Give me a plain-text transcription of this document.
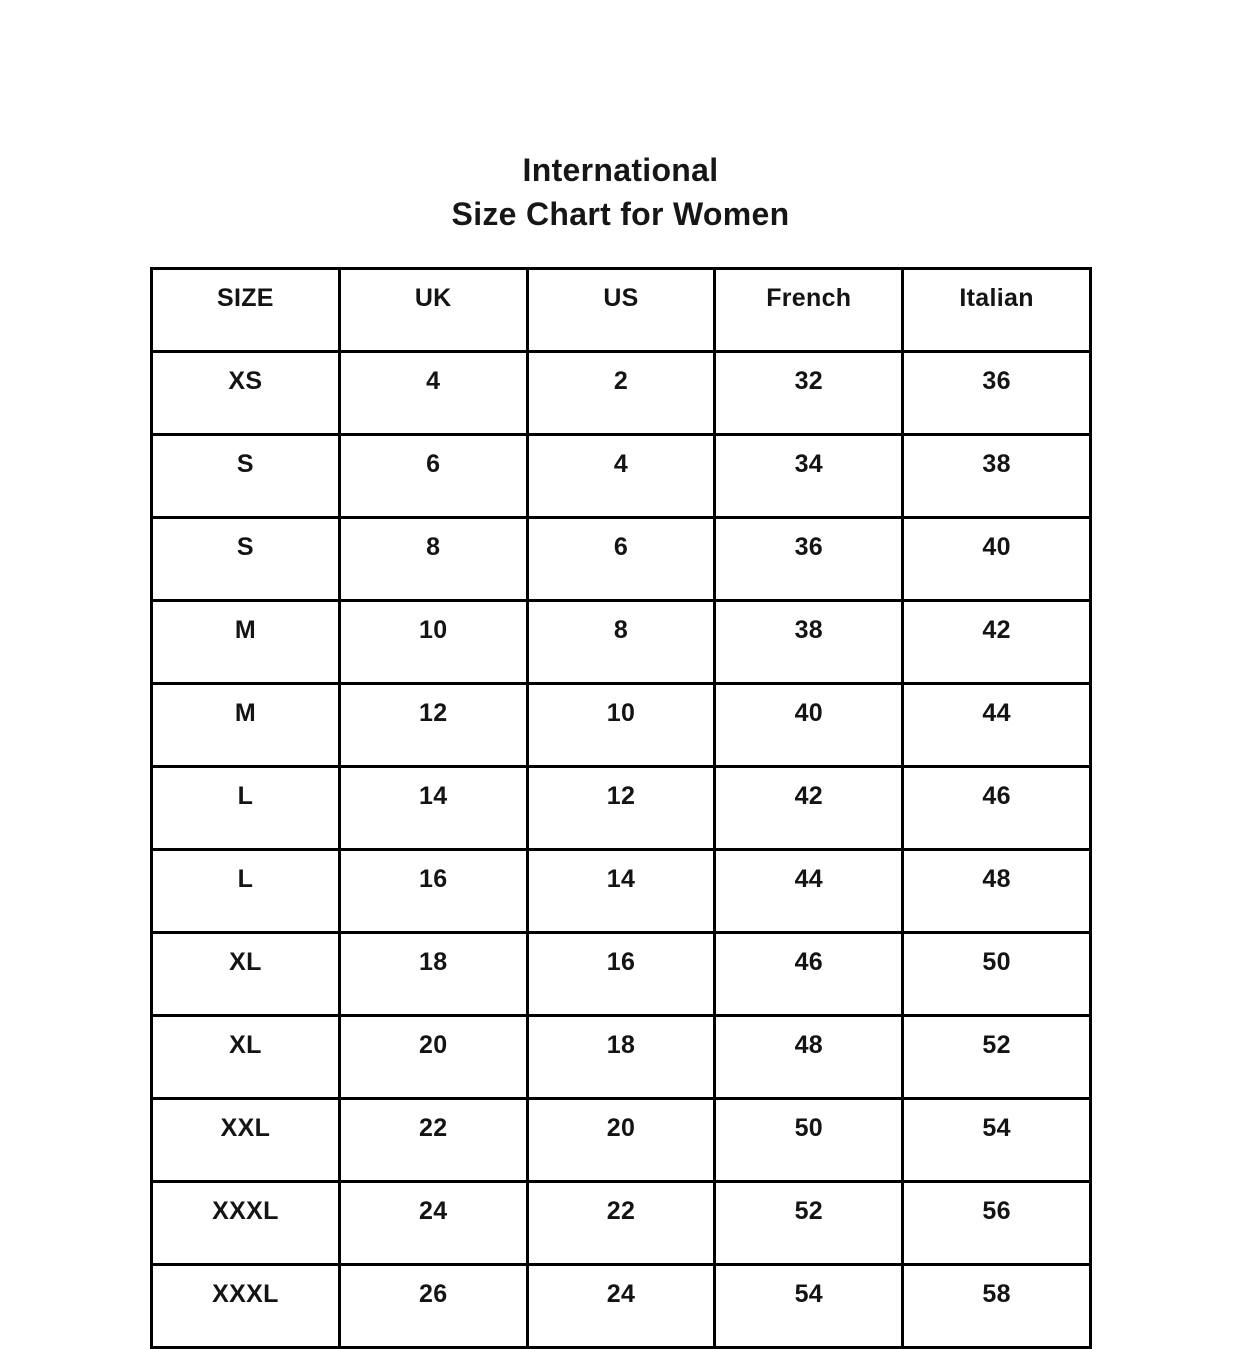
International
Size Chart for Women
SIZE	UK	US	French	Italian
XS	4	2	32	36
S	6	4	34	38
S	8	6	36	40
M	10	8	38	42
M	12	10	40	44
L	14	12	42	46
L	16	14	44	48
XL	18	16	46	50
XL	20	18	48	52
XXL	22	20	50	54
XXXL	24	22	52	56
XXXL	26	24	54	58
